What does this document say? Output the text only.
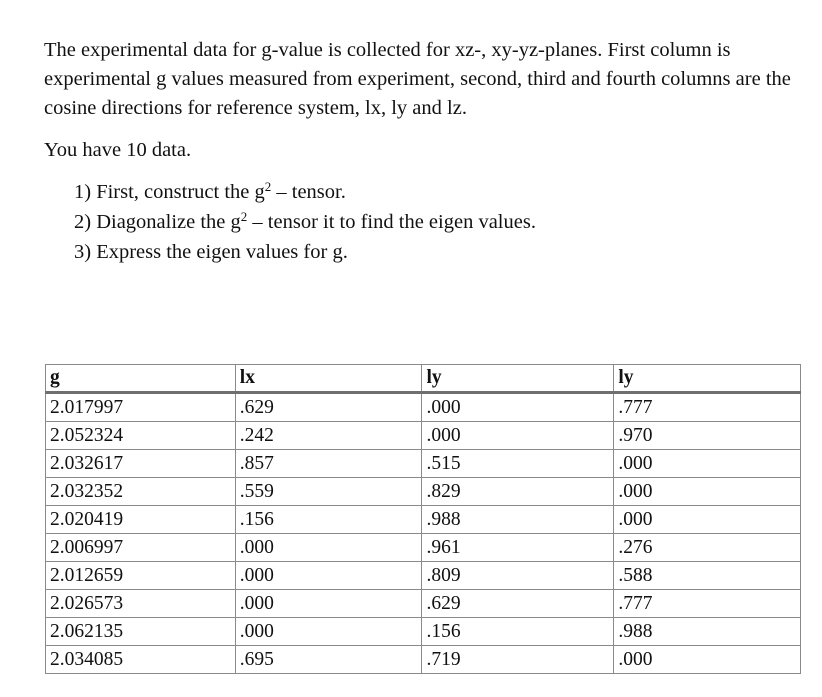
The experimental data for g-value is collected for xz-, xy-yz-planes. First column is experimental g values measured from experiment, second, third and fourth columns are the cosine directions for reference system, lx, ly and lz.

You have 10 data.

1) First, construct the $g^2$ – tensor.
2) Diagonalize the $g^2$ – tensor it to find the eigen values.
3) Express the eigen values for g.
g	lx	ly	ly
2.017997	.629	.000	.777
2.052324	.242	.000	.970
2.032617	.857	.515	.000
2.032352	.559	.829	.000
2.020419	.156	.988	.000
2.006997	.000	.961	.276
2.012659	.000	.809	.588
2.026573	.000	.629	.777
2.062135	.000	.156	.988
2.034085	.695	.719	.000
